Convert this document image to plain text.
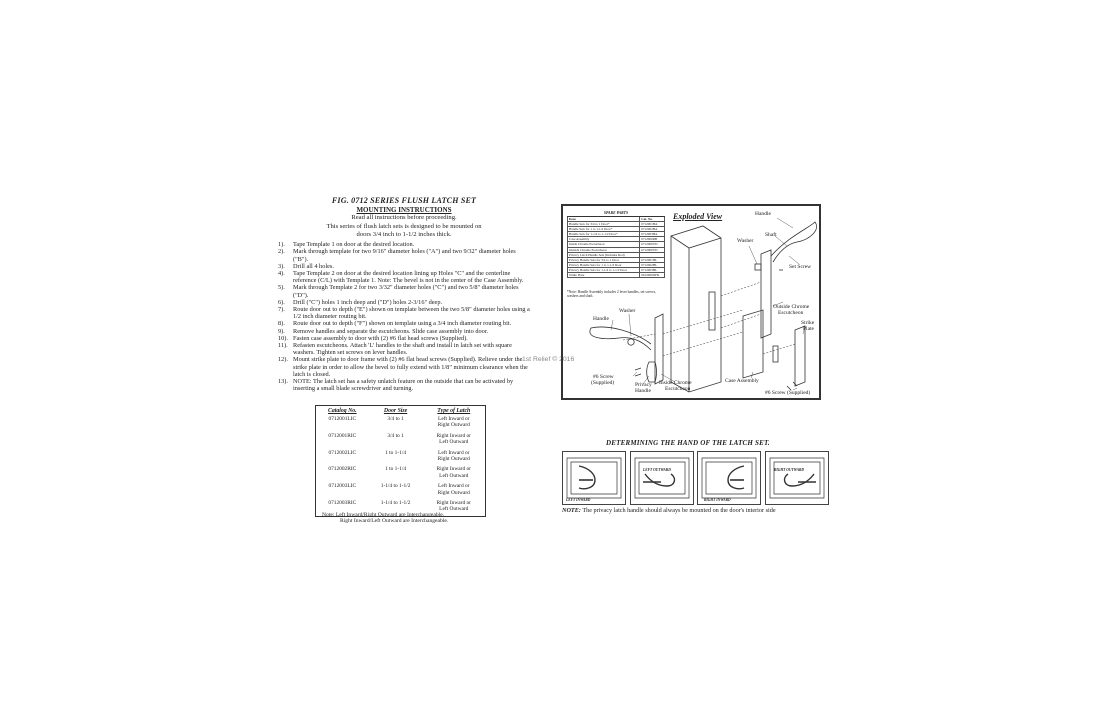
FIG. 0712 SERIES FLUSH LATCH SET
MOUNTING INSTRUCTIONS
Read all instructions before proceeding.
This series of flush latch sets is designed to be mounted on
doors 3/4 inch to 1-1/2 inches thick.
1).	Tape Template 1 on door at the desired location.
2).	Mark through template for two 9/16" diameter holes ("A") and two 9/32" diameter holes ("B").
3).	Drill all 4 holes.
4).	Tape Template 2 on door at the desired location lining up Holes "C" and the centerline reference (C/L) with Template 1. Note: The bevel is not in the center of the Case Assembly.
5).	Mark through Template 2 for two 3/32" diameter holes ("C") and two 5/8" diameter holes ("D").
6).	Drill ("C") holes 1 inch deep and ("D") holes 2-3/16" deep.
7).	Route door out to depth ("E") shown on template between the two 5/8" diameter holes using a 1/2 inch diameter routing bit.
8).	Route door out to depth ("F") shown on template using a 3/4 inch diameter routing bit.
9).	Remove handles and separate the escutcheons. Slide case assembly into door.
10). Fasten case assembly to door with (2) #6 flat head screws (Supplied).
11). Refasten escutcheons. Attach 'L' handles to the shaft and install in latch set with square washers. Tighten set screws on lever handles.
12). Mount strike plate to door frame with (2) #6 flat head screws (Supplied). Relieve under the strike plate in order to allow the bevel to fully extend with 1/8" minimum clearance when the latch is closed.
13). NOTE: The latch set has a safety unlatch feature on the outside that can be activated by inserting a small blade screwdriver and turning.
Catalog No.	Door Size	Type of Latch
0712001LIC	3/4 to 1	Left Inward or
Right Outward

0712001RIC	3/4 to 1	Right Inward or
Left Outward

0712002LIC	1 to 1-1/4	Left Inward or
Right Outward

0712002RIC	1 to 1-1/4	Right Inward or
Left Outward

0712003LIC	1-1/4 to 1-1/2	Left Inward or
Right Outward

0712003RIC	1-1/4 to 1-1/2	Right Inward or
Left Outward
Note: Left Inward/Right Outward are Interchangeable.
Right Inward/Left Outward are Interchangeable.
1st Relief © 2016
SPARE PARTS	
Item	Cat. No.
Handle Sets for 3/4 to 1 Door*	0712001HA
Handle Sets for 1 to 1-1/4 Door*	0712002HA
Handle Sets for 1-1/4 to 1-1/2 Door*	0712003HA
Case Assembly	0712000RB
Inside Chrome Escutcheon	0712000VD
Outside Chrome Escutcheon	0712000VD
Privacy Latch Handle Sets (Includes Rod)	
Privacy Handle Sets for 3/4 to 1 Door	0712001HL
Privacy Handle Sets for 1 to 1-1/4 Door	0712002HL
Privacy Handle Sets for 1-1/4 to 1-1/2 Door	0712003HL
Strike Plate	0012000OFR
*Note: Handle Assembly includes 2 lever handles, set screws, washers and shaft.
Exploded View	Handle
Shaft
Washer
Set Screw
Outside Chrome
Escutcheon
Strike
Plate
Handle
Washer
#6 Screw
(Supplied)	Privacy
Handle
Inside Chrome
Escutcheon
Case Assembly
#6 Screw (Supplied)
DETERMINING THE HAND OF THE LATCH SET.
LEFT INWARD
LEFT OUTWARD
RIGHT INWARD
RIGHT OUTWARD
NOTE: The privacy latch handle should always be mounted on the door's interior side
